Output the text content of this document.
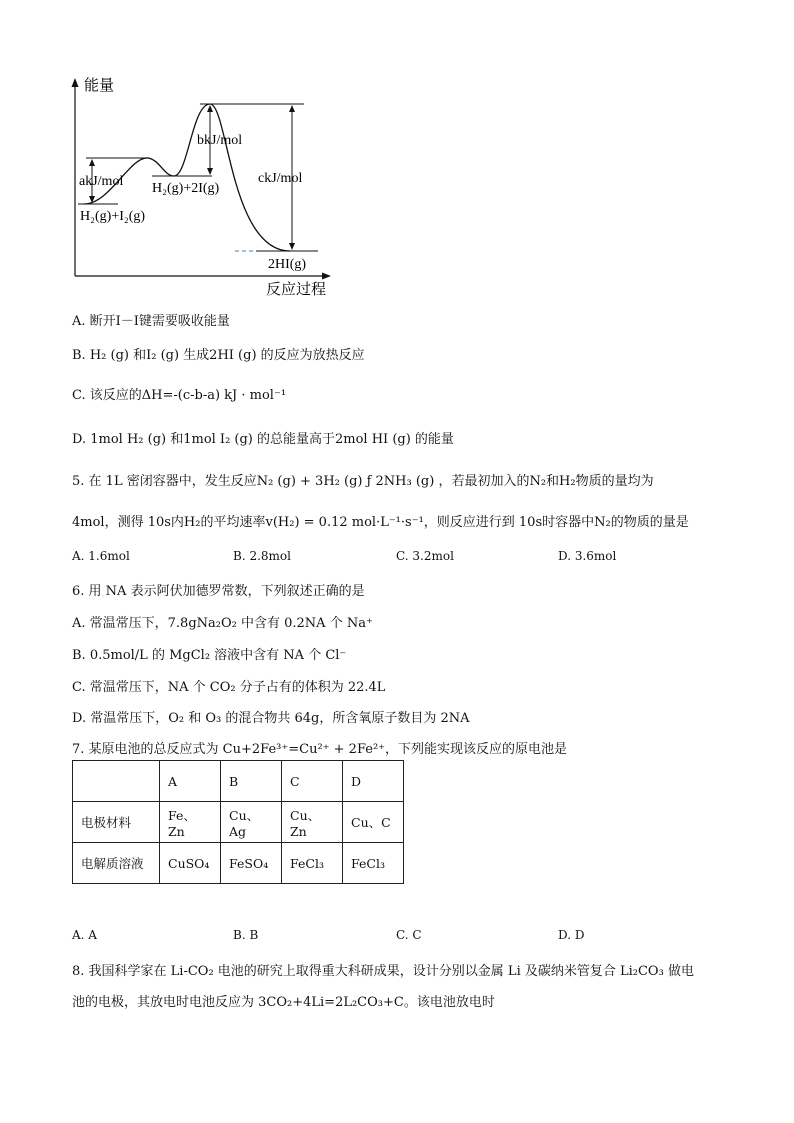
能量
反应过程
akJ/mol
bkJ/mol
ckJ/mol
H₂(g)+I₂(g)
H₂(g)+2I(g)
2HI(g)
A. 断开I－I键需要吸收能量
B. H₂ (g) 和I₂ (g) 生成2HI (g) 的反应为放热反应
C. 该反应的ΔH=-(c-b-a) kJ · mol⁻¹
D. 1mol H₂ (g) 和1mol I₂ (g) 的总能量高于2mol HI (g) 的能量
5. 在 1L 密闭容器中，发生反应N₂ (g) + 3H₂ (g) ƒ 2NH₃ (g) ，若最初加入的N₂和H₂物质的量均为
4mol，测得 10s内H₂的平均速率v(H₂) = 0.12 mol·L⁻¹·s⁻¹，则反应进行到 10s时容器中N₂的物质的量是
A. 1.6mol	B. 2.8mol	C. 3.2mol	D. 3.6mol
6. 用 NA 表示阿伏加德罗常数，下列叙述正确的是
A. 常温常压下，7.8gNa₂O₂ 中含有 0.2NA 个 Na⁺
B. 0.5mol/L 的 MgCl₂ 溶液中含有 NA 个 Cl⁻
C. 常温常压下，NA 个 CO₂ 分子占有的体积为 22.4L
D. 常温常压下，O₂ 和 O₃ 的混合物共 64g，所含氧原子数目为 2NA
7. 某原电池的总反应式为 Cu+2Fe³⁺=Cu²⁺ + 2Fe²⁺，下列能实现该反应的原电池是
	A	B	C	D
电极材料	Fe、Zn	Cu、Ag	Cu、Zn	Cu、C
电解质溶液	CuSO₄	FeSO₄	FeCl₃	FeCl₃
A. A	B. B	C. C	D. D
8. 我国科学家在 Li-CO₂ 电池的研究上取得重大科研成果，设计分别以金属 Li 及碳纳米管复合 Li₂CO₃ 做电
池的电极，其放电时电池反应为 3CO₂+4Li=2L₂CO₃+C。该电池放电时
